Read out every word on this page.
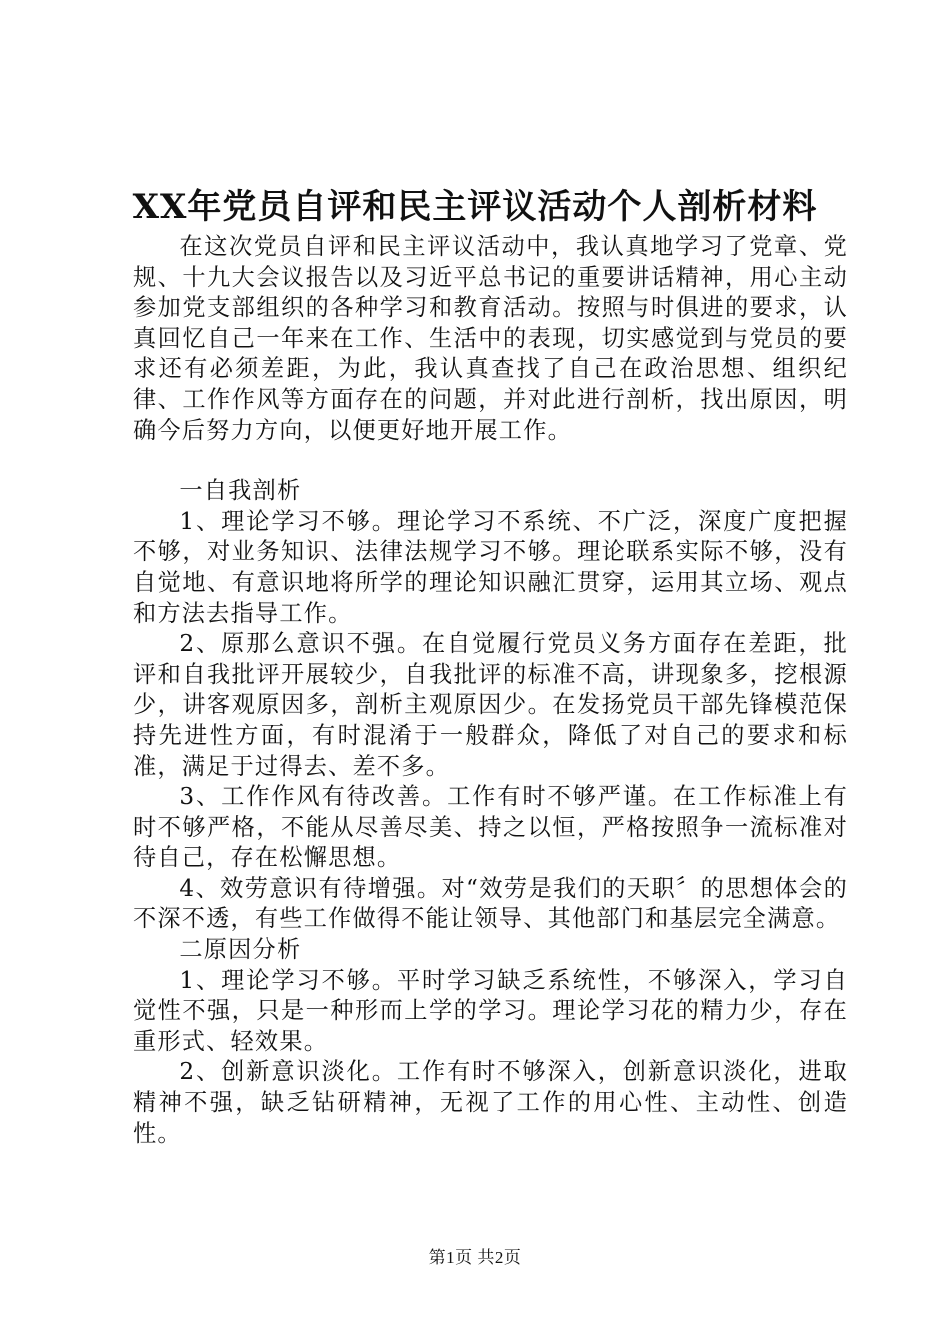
XX年党员自评和民主评议活动个人剖析材料

在这次党员自评和民主评议活动中，我认真地学习了党章、党规、十九大会议报告以及习近平总书记的重要讲话精神，用心主动参加党支部组织的各种学习和教育活动。按照与时俱进的要求，认真回忆自己一年来在工作、生活中的表现，切实感觉到与党员的要求还有必须差距，为此，我认真查找了自己在政治思想、组织纪律、工作作风等方面存在的问题，并对此进行剖析，找出原因，明确今后努力方向，以便更好地开展工作。

一自我剖析

1、理论学习不够。理论学习不系统、不广泛，深度广度把握不够，对业务知识、法律法规学习不够。理论联系实际不够，没有自觉地、有意识地将所学的理论知识融汇贯穿，运用其立场、观点和方法去指导工作。

2、原那么意识不强。在自觉履行党员义务方面存在差距，批评和自我批评开展较少，自我批评的标准不高，讲现象多，挖根源少，讲客观原因多，剖析主观原因少。在发扬党员干部先锋模范保持先进性方面，有时混淆于一般群众，降低了对自己的要求和标准，满足于过得去、差不多。

3、工作作风有待改善。工作有时不够严谨。在工作标准上有时不够严格，不能从尽善尽美、持之以恒，严格按照争一流标准对待自己，存在松懈思想。

4、效劳意识有待增强。对“效劳是我们的天职〞的思想体会的不深不透，有些工作做得不能让领导、其他部门和基层完全满意。

二原因分析

1、理论学习不够。平时学习缺乏系统性，不够深入，学习自觉性不强，只是一种形而上学的学习。理论学习花的精力少，存在重形式、轻效果。

2、创新意识淡化。工作有时不够深入，创新意识淡化，进取精神不强，缺乏钻研精神，无视了工作的用心性、主动性、创造性。

第1页 共2页
